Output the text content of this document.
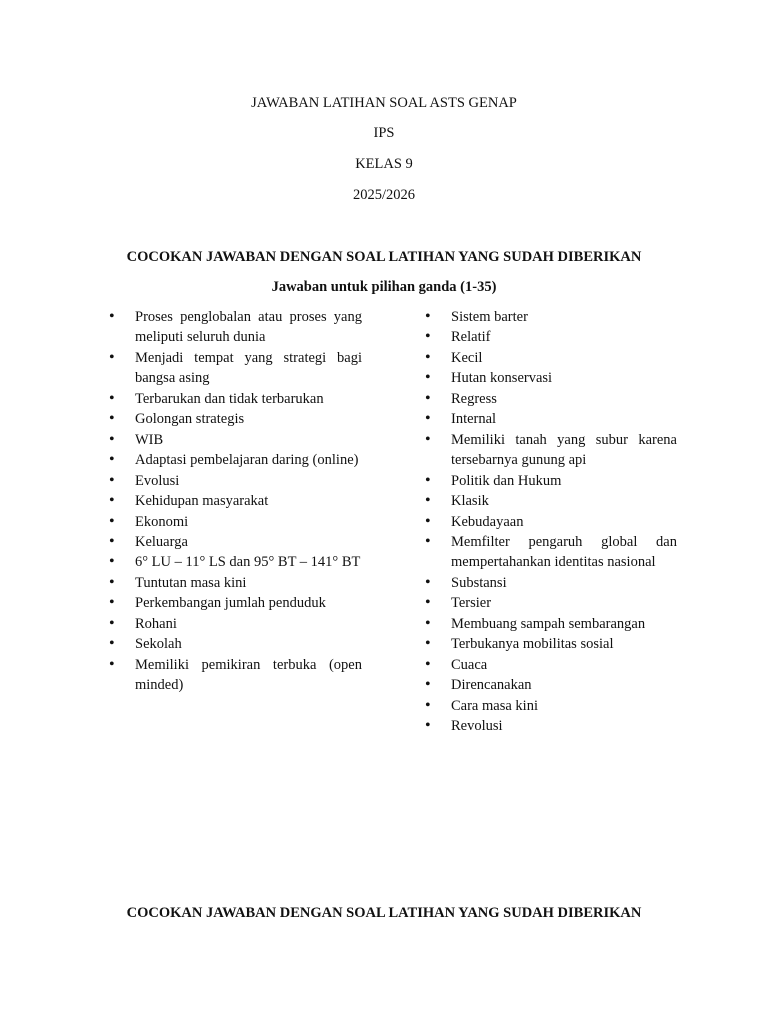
JAWABAN LATIHAN SOAL ASTS GENAP
IPS
KELAS 9
2025/2026
COCOKAN JAWABAN DENGAN SOAL LATIHAN YANG SUDAH DIBERIKAN
Jawaban untuk pilihan ganda (1-35)
• Proses penglobalan atau proses yang meliputi seluruh dunia
• Menjadi tempat yang strategi bagi bangsa asing
• Terbarukan dan tidak terbarukan
• Golongan strategis
• WIB
• Adaptasi pembelajaran daring (online)
• Evolusi
• Kehidupan masyarakat
• Ekonomi
• Keluarga
• 6° LU – 11° LS dan 95° BT – 141° BT
• Tuntutan masa kini
• Perkembangan jumlah penduduk
• Rohani
• Sekolah
• Memiliki pemikiran terbuka (open minded)
• Sistem barter
• Relatif
• Kecil
• Hutan konservasi
• Regress
• Internal
• Memiliki tanah yang subur karena tersebarnya gunung api
• Politik dan Hukum
• Klasik
• Kebudayaan
• Memfilter pengaruh global dan mempertahankan identitas nasional
• Substansi
• Tersier
• Membuang sampah sembarangan
• Terbukanya mobilitas sosial
• Cuaca
• Direncanakan
• Cara masa kini
• Revolusi
COCOKAN JAWABAN DENGAN SOAL LATIHAN YANG SUDAH DIBERIKAN
